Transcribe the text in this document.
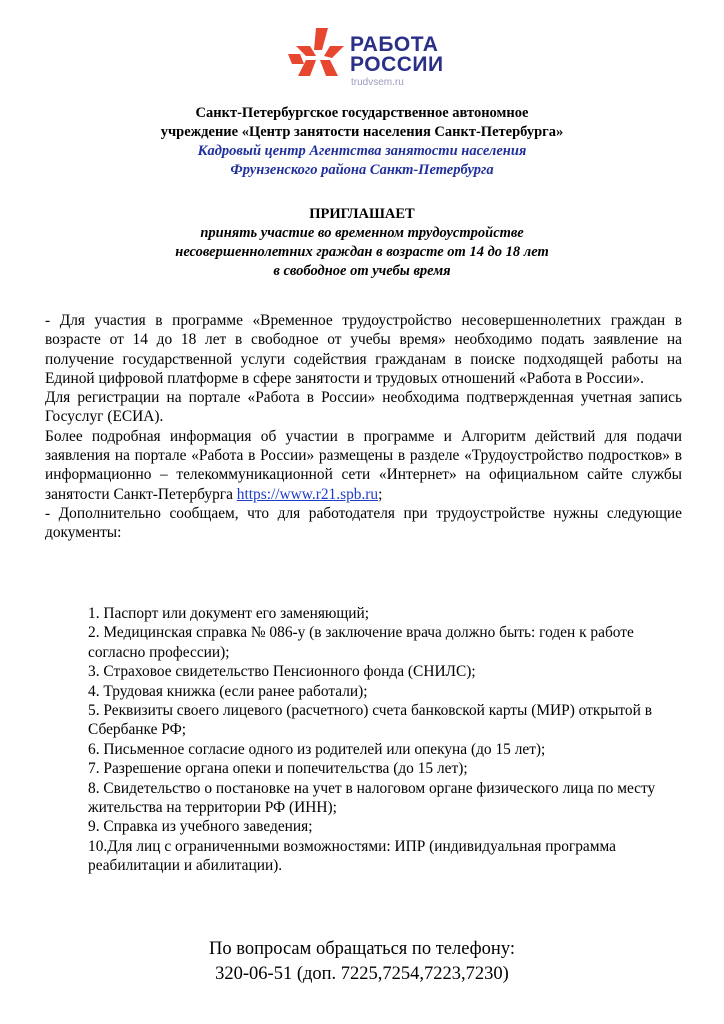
РАБОТА
РОССИИ
trudvsem.ru

Санкт-Петербургское государственное автономное

учреждение «Центр занятости населения Санкт-Петербурга»

Кадровый центр Агентства занятости населения

Фрунзенского района Санкт-Петербурга

ПРИГЛАШАЕТ

принять участие во временном трудоустройстве

несовершеннолетних граждан в возрасте от 14 до 18 лет

в свободное от учебы время

- Для участия в программе «Временное трудоустройство несовершеннолетних граждан в возрасте от 14 до 18 лет в свободное от учебы время» необходимо подать заявление на получение государственной услуги содействия гражданам в поиске подходящей работы на Единой цифровой платформе в сфере занятости и трудовых отношений «Работа в России».

Для регистрации на портале «Работа в России» необходима подтвержденная учетная запись Госуслуг (ЕСИА).

Более подробная информация об участии в программе и Алгоритм действий для подачи заявления на портале «Работа в России» размещены в разделе «Трудоустройство подростков» в информационно – телекоммуникационной сети «Интернет» на официальном сайте службы занятости Санкт-Петербурга https://www.r21.spb.ru;

- Дополнительно сообщаем, что для работодателя при трудоустройстве нужны следующие документы:

1. Паспорт или документ его заменяющий;

2. Медицинская справка № 086-у (в заключение врача должно быть: годен к работе согласно профессии);

3. Страховое свидетельство Пенсионного фонда (СНИЛС);

4. Трудовая книжка (если ранее работали);

5. Реквизиты своего лицевого (расчетного) счета банковской карты (МИР) открытой в Сбербанке РФ;

6. Письменное согласие одного из родителей или опекуна (до 15 лет);

7. Разрешение органа опеки и попечительства (до 15 лет);

8. Свидетельство о постановке на учет в налоговом органе физического лица по месту жительства на территории РФ (ИНН);

9. Справка из учебного заведения;

10.Для лиц с ограниченными возможностями: ИПР (индивидуальная программа реабилитации и абилитации).

По вопросам обращаться по телефону:

320-06-51 (доп. 7225,7254,7223,7230)
